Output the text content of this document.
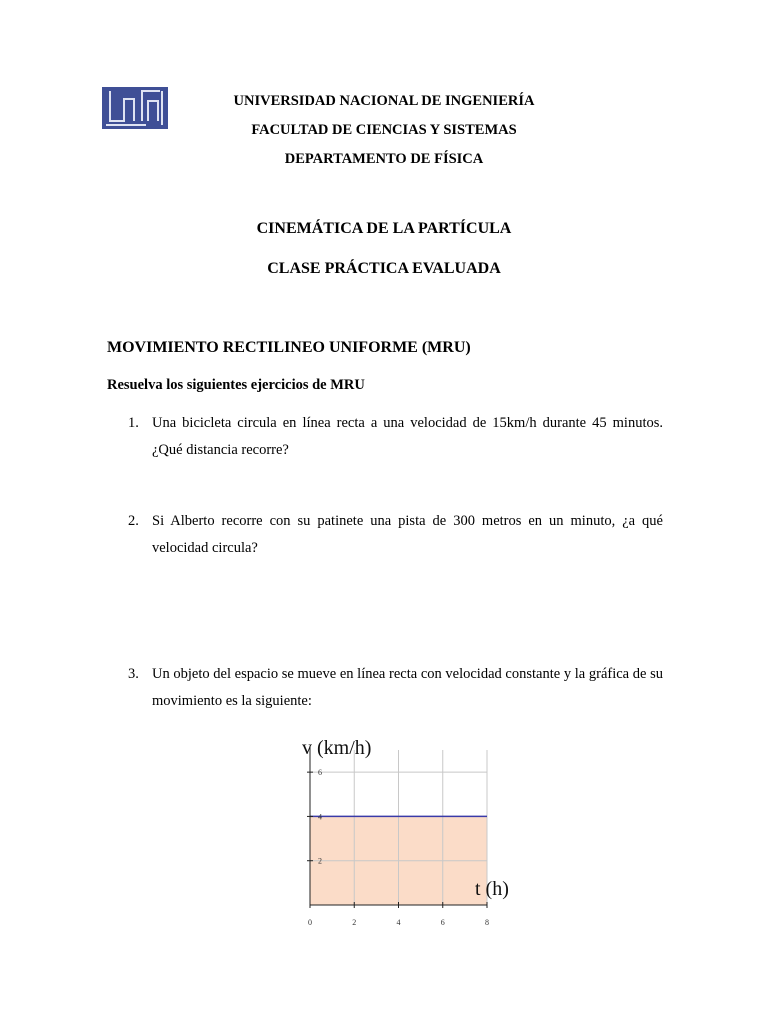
UNIVERSIDAD NACIONAL DE INGENIERÍA
FACULTAD DE CIENCIAS Y SISTEMAS
DEPARTAMENTO DE FÍSICA
CINEMÁTICA DE LA PARTÍCULA
CLASE PRÁCTICA EVALUADA
MOVIMIENTO RECTILINEO UNIFORME (MRU)
Resuelva los siguientes ejercicios de MRU
1. Una bicicleta circula en línea recta a una velocidad de 15km/h durante 45 minutos. ¿Qué distancia recorre?
2. Si Alberto recorre con su patinete una pista de 300 metros en un minuto, ¿a qué velocidad circula?
3. Un objeto del espacio se mueve en línea recta con velocidad constante y la gráfica de su movimiento es la siguiente:
0	2	4	6	8
2
4
6
v (km/h)
t (h)
